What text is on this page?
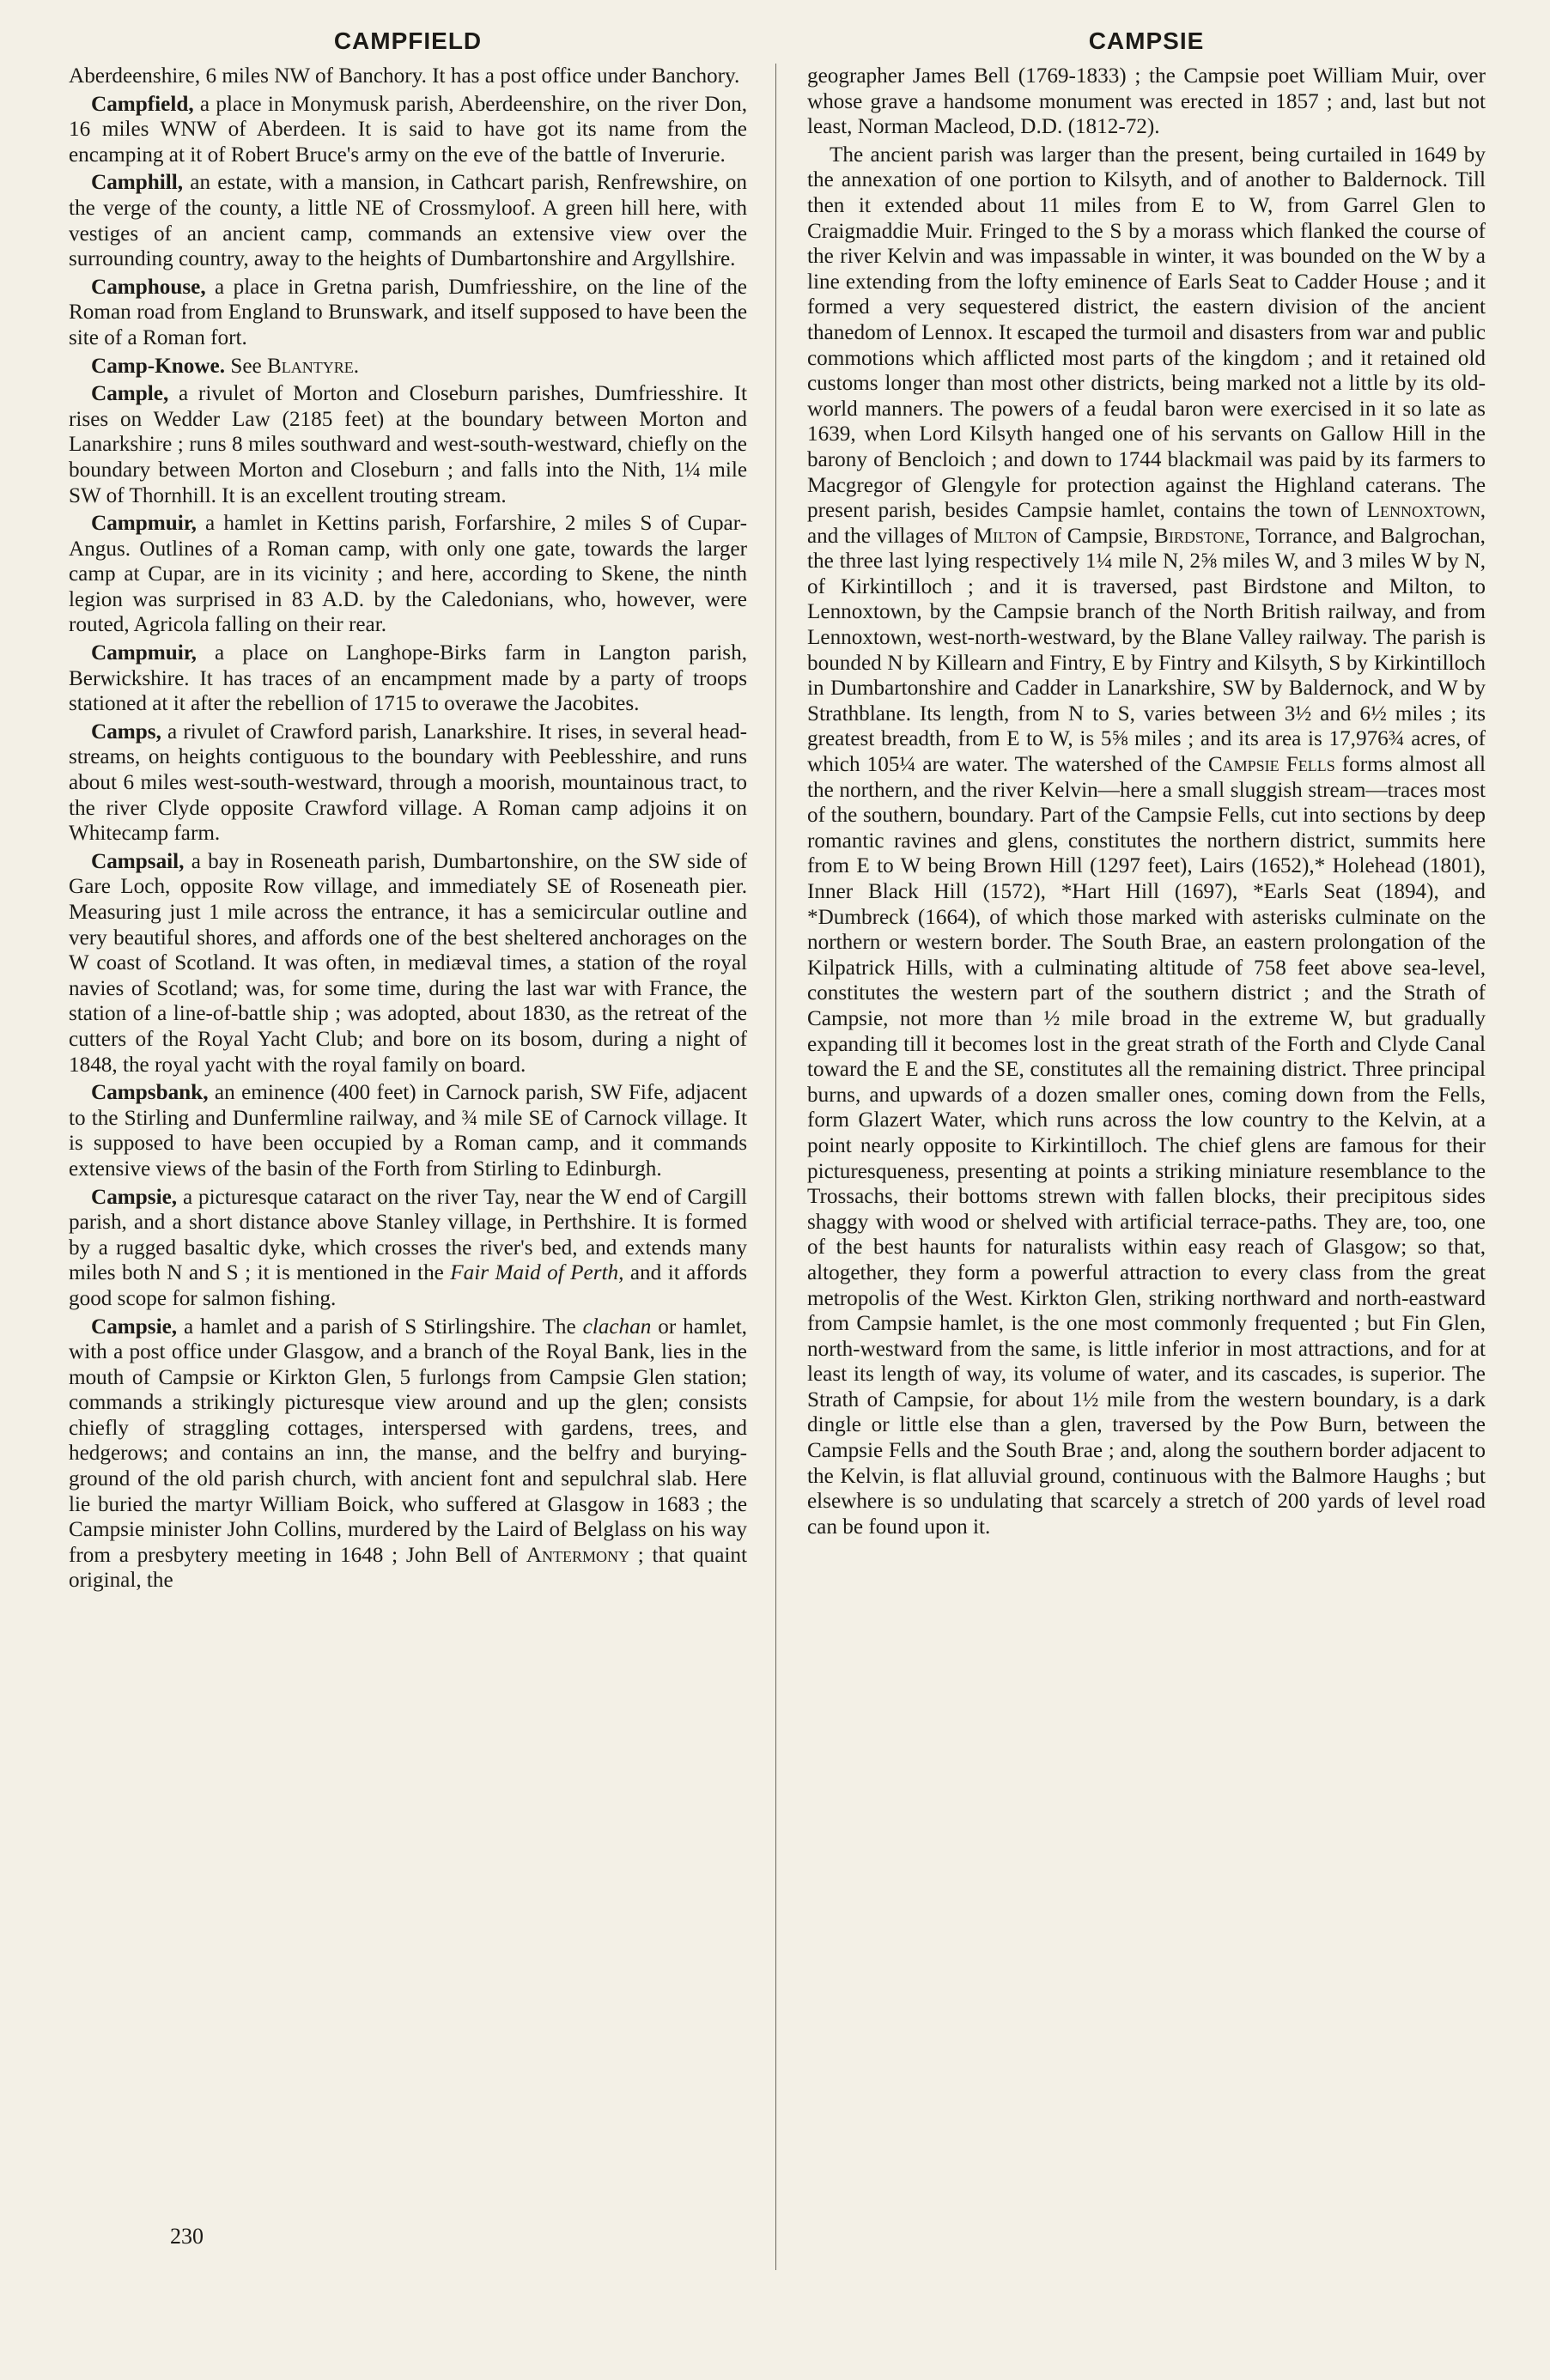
CAMPFIELD	CAMPSIE

Aberdeenshire, 6 miles NW of Banchory. It has a post office under Banchory.

Campfield, a place in Monymusk parish, Aberdeenshire, on the river Don, 16 miles WNW of Aberdeen. It is said to have got its name from the encamping at it of Robert Bruce's army on the eve of the battle of Inverurie.

Camphill, an estate, with a mansion, in Cathcart parish, Renfrewshire, on the verge of the county, a little NE of Crossmyloof. A green hill here, with vestiges of an ancient camp, commands an extensive view over the surrounding country, away to the heights of Dumbartonshire and Argyllshire.

Camphouse, a place in Gretna parish, Dumfriesshire, on the line of the Roman road from England to Brunswark, and itself supposed to have been the site of a Roman fort.

Camp-Knowe. See Blantyre.

Cample, a rivulet of Morton and Closeburn parishes, Dumfriesshire. It rises on Wedder Law (2185 feet) at the boundary between Morton and Lanarkshire ; runs 8 miles southward and west-south-westward, chiefly on the boundary between Morton and Closeburn ; and falls into the Nith, 1¼ mile SW of Thornhill. It is an excellent trouting stream.

Campmuir, a hamlet in Kettins parish, Forfarshire, 2 miles S of Cupar-Angus. Outlines of a Roman camp, with only one gate, towards the larger camp at Cupar, are in its vicinity ; and here, according to Skene, the ninth legion was surprised in 83 A.D. by the Caledonians, who, however, were routed, Agricola falling on their rear.

Campmuir, a place on Langhope-Birks farm in Langton parish, Berwickshire. It has traces of an encampment made by a party of troops stationed at it after the rebellion of 1715 to overawe the Jacobites.

Camps, a rivulet of Crawford parish, Lanarkshire. It rises, in several head-streams, on heights contiguous to the boundary with Peeblesshire, and runs about 6 miles west-south-westward, through a moorish, mountainous tract, to the river Clyde opposite Crawford village. A Roman camp adjoins it on Whitecamp farm.

Campsail, a bay in Roseneath parish, Dumbartonshire, on the SW side of Gare Loch, opposite Row village, and immediately SE of Roseneath pier. Measuring just 1 mile across the entrance, it has a semicircular outline and very beautiful shores, and affords one of the best sheltered anchorages on the W coast of Scotland. It was often, in mediæval times, a station of the royal navies of Scotland; was, for some time, during the last war with France, the station of a line-of-battle ship ; was adopted, about 1830, as the retreat of the cutters of the Royal Yacht Club; and bore on its bosom, during a night of 1848, the royal yacht with the royal family on board.

Campsbank, an eminence (400 feet) in Carnock parish, SW Fife, adjacent to the Stirling and Dunfermline railway, and ¾ mile SE of Carnock village. It is supposed to have been occupied by a Roman camp, and it commands extensive views of the basin of the Forth from Stirling to Edinburgh.

Campsie, a picturesque cataract on the river Tay, near the W end of Cargill parish, and a short distance above Stanley village, in Perthshire. It is formed by a rugged basaltic dyke, which crosses the river's bed, and extends many miles both N and S ; it is mentioned in the Fair Maid of Perth, and it affords good scope for salmon fishing.

Campsie, a hamlet and a parish of S Stirlingshire. The clachan or hamlet, with a post office under Glasgow, and a branch of the Royal Bank, lies in the mouth of Campsie or Kirkton Glen, 5 furlongs from Campsie Glen station; commands a strikingly picturesque view around and up the glen; consists chiefly of straggling cottages, interspersed with gardens, trees, and hedgerows; and contains an inn, the manse, and the belfry and burying-ground of the old parish church, with ancient font and sepulchral slab. Here lie buried the martyr William Boick, who suffered at Glasgow in 1683 ; the Campsie minister John Collins, murdered by the Laird of Belglass on his way from a presbytery meeting in 1648 ; John Bell of Antermony ; that quaint original, the

geographer James Bell (1769-1833) ; the Campsie poet William Muir, over whose grave a handsome monument was erected in 1857 ; and, last but not least, Norman Macleod, D.D. (1812-72).

The ancient parish was larger than the present, being curtailed in 1649 by the annexation of one portion to Kilsyth, and of another to Baldernock. Till then it extended about 11 miles from E to W, from Garrel Glen to Craigmaddie Muir. Fringed to the S by a morass which flanked the course of the river Kelvin and was impassable in winter, it was bounded on the W by a line extending from the lofty eminence of Earls Seat to Cadder House ; and it formed a very sequestered district, the eastern division of the ancient thanedom of Lennox. It escaped the turmoil and disasters from war and public commotions which afflicted most parts of the kingdom ; and it retained old customs longer than most other districts, being marked not a little by its old-world manners. The powers of a feudal baron were exercised in it so late as 1639, when Lord Kilsyth hanged one of his servants on Gallow Hill in the barony of Bencloich ; and down to 1744 blackmail was paid by its farmers to Macgregor of Glengyle for protection against the Highland caterans. The present parish, besides Campsie hamlet, contains the town of Lennoxtown, and the villages of Milton of Campsie, Birdstone, Torrance, and Balgrochan, the three last lying respectively 1¼ mile N, 2⅝ miles W, and 3 miles W by N, of Kirkintilloch ; and it is traversed, past Birdstone and Milton, to Lennoxtown, by the Campsie branch of the North British railway, and from Lennoxtown, west-north-westward, by the Blane Valley railway. The parish is bounded N by Killearn and Fintry, E by Fintry and Kilsyth, S by Kirkintilloch in Dumbartonshire and Cadder in Lanarkshire, SW by Baldernock, and W by Strathblane. Its length, from N to S, varies between 3½ and 6½ miles ; its greatest breadth, from E to W, is 5⅝ miles ; and its area is 17,976¾ acres, of which 105¼ are water. The watershed of the Campsie Fells forms almost all the northern, and the river Kelvin—here a small sluggish stream—traces most of the southern, boundary. Part of the Campsie Fells, cut into sections by deep romantic ravines and glens, constitutes the northern district, summits here from E to W being Brown Hill (1297 feet), Lairs (1652),* Holehead (1801), Inner Black Hill (1572), *Hart Hill (1697), *Earls Seat (1894), and *Dumbreck (1664), of which those marked with asterisks culminate on the northern or western border. The South Brae, an eastern prolongation of the Kilpatrick Hills, with a culminating altitude of 758 feet above sea-level, constitutes the western part of the southern district ; and the Strath of Campsie, not more than ½ mile broad in the extreme W, but gradually expanding till it becomes lost in the great strath of the Forth and Clyde Canal toward the E and the SE, constitutes all the remaining district. Three principal burns, and upwards of a dozen smaller ones, coming down from the Fells, form Glazert Water, which runs across the low country to the Kelvin, at a point nearly opposite to Kirkintilloch. The chief glens are famous for their picturesqueness, presenting at points a striking miniature resemblance to the Trossachs, their bottoms strewn with fallen blocks, their precipitous sides shaggy with wood or shelved with artificial terrace-paths. They are, too, one of the best haunts for naturalists within easy reach of Glasgow; so that, altogether, they form a powerful attraction to every class from the great metropolis of the West. Kirkton Glen, striking northward and north-eastward from Campsie hamlet, is the one most commonly frequented ; but Fin Glen, north-westward from the same, is little inferior in most attractions, and for at least its length of way, its volume of water, and its cascades, is superior. The Strath of Campsie, for about 1½ mile from the western boundary, is a dark dingle or little else than a glen, traversed by the Pow Burn, between the Campsie Fells and the South Brae ; and, along the southern border adjacent to the Kelvin, is flat alluvial ground, continuous with the Balmore Haughs ; but elsewhere is so undulating that scarcely a stretch of 200 yards of level road can be found upon it.

230
